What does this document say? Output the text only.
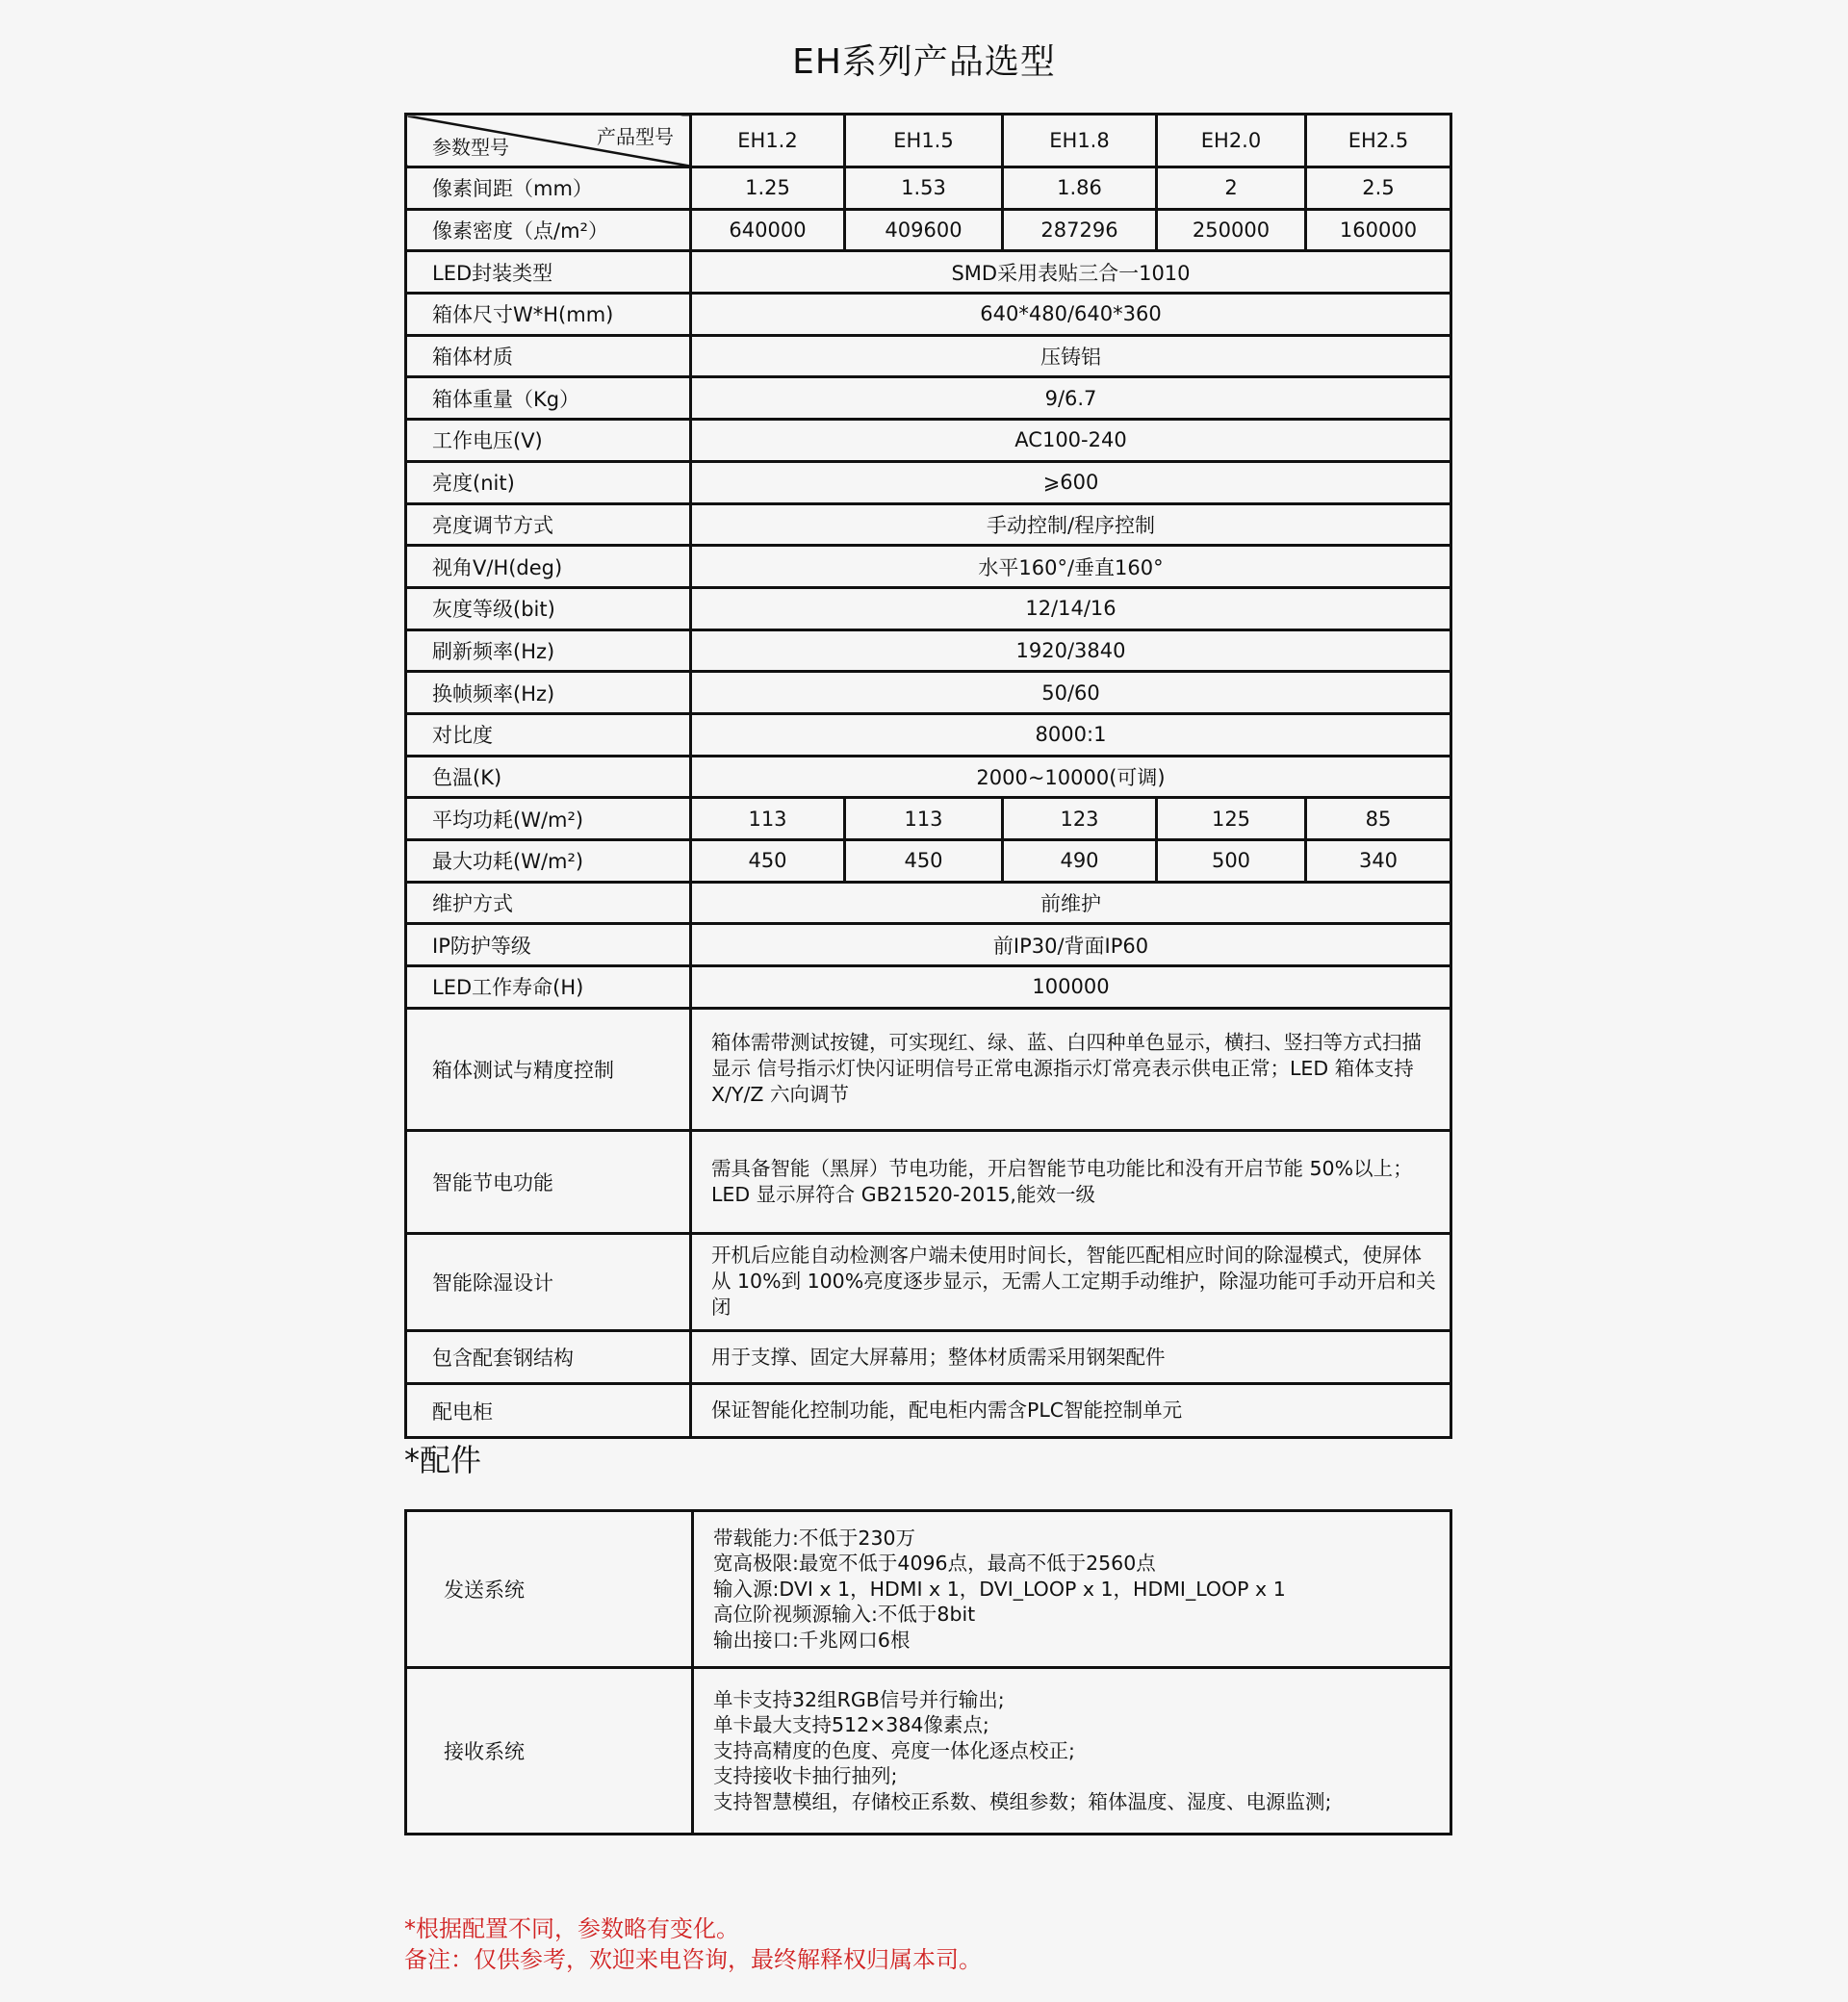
EH系列产品选型
产品型号
参数型号	EH1.2	EH1.5	EH1.8	EH2.0	EH2.5
像素间距（mm）	1.25	1.53	1.86	2	2.5
像素密度（点/m²）	640000	409600	287296	250000	160000
LED封装类型	SMD采用表贴三合一1010				
箱体尺寸W*H(mm)	640*480/640*360				
箱体材质	压铸铝				
箱体重量（Kg）	9/6.7				
工作电压(V)	AC100-240				
亮度(nit)	⩾600				
亮度调节方式	手动控制/程序控制				
视角V/H(deg)	水平160°/垂直160°				
灰度等级(bit)	12/14/16				
刷新频率(Hz)	1920/3840				
换帧频率(Hz)	50/60				
对比度	8000:1				
色温(K)	2000~10000(可调)				
平均功耗(W/m²)	113	113	123	125	85
最大功耗(W/m²)	450	450	490	500	340
维护方式	前维护				
IP防护等级	前IP30/背面IP60				
LED工作寿命(H)	100000				
箱体测试与精度控制	箱体需带测试按键，可实现红、绿、蓝、白四种单色显示，横扫、竖扫等方式扫描显示 信号指示灯快闪证明信号正常电源指示灯常亮表示供电正常；LED 箱体支持 X/Y/Z 六向调节				
智能节电功能	需具备智能（黑屏）节电功能，开启智能节电功能比和没有开启节能 50%以上；LED 显示屏符合 GB21520-2015,能效一级				
智能除湿设计	开机后应能自动检测客户端未使用时间长，智能匹配相应时间的除湿模式，使屏体从 10%到 100%亮度逐步显示，无需人工定期手动维护，除湿功能可手动开启和关闭				
包含配套钢结构	用于支撑、固定大屏幕用；整体材质需采用钢架配件				
配电柜	保证智能化控制功能，配电柜内需含PLC智能控制单元				
*配件
发送系统	带载能力:不低于230万
宽高极限:最宽不低于4096点，最高不低于2560点
输入源:DVI x 1，HDMI x 1，DVI_LOOP x 1，HDMI_LOOP x 1
高位阶视频源输入:不低于8bit
输出接口:千兆网口6根

接收系统	单卡支持32组RGB信号并行输出;
单卡最大支持512×384像素点;
支持高精度的色度、亮度一体化逐点校正;
支持接收卡抽行抽列;
支持智慧模组，存储校正系数、模组参数；箱体温度、湿度、电源监测;
*根据配置不同，参数略有变化。
备注：仅供参考，欢迎来电咨询，最终解释权归属本司。
